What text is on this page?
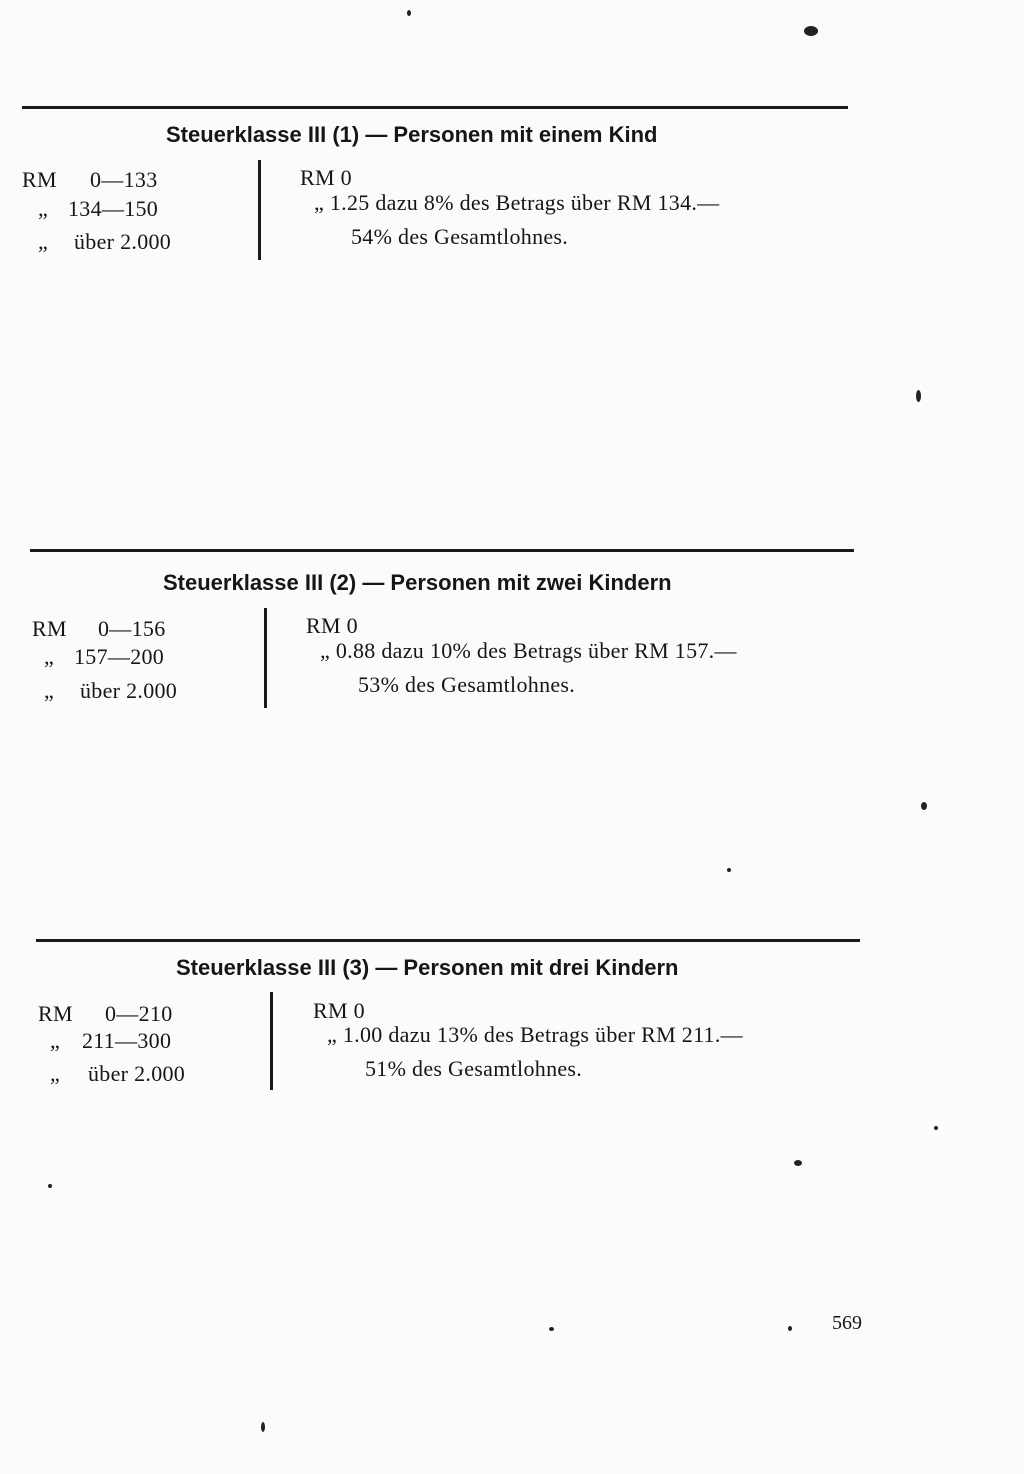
Steuerklasse III (1) — Personen mit einem Kind
RM 0—133
„ 134—150
„ über 2.000
RM 0
„ 1.25 dazu 8% des Betrags über RM 134.—
54% des Gesamtlohnes.
Steuerklasse III (2) — Personen mit zwei Kindern
RM 0—156
„ 157—200
„ über 2.000
RM 0
„ 0.88 dazu 10% des Betrags über RM 157.—
53% des Gesamtlohnes.
Steuerklasse III (3) — Personen mit drei Kindern
RM 0—210
„ 211—300
„ über 2.000
RM 0
„ 1.00 dazu 13% des Betrags über RM 211.—
51% des Gesamtlohnes.
569
